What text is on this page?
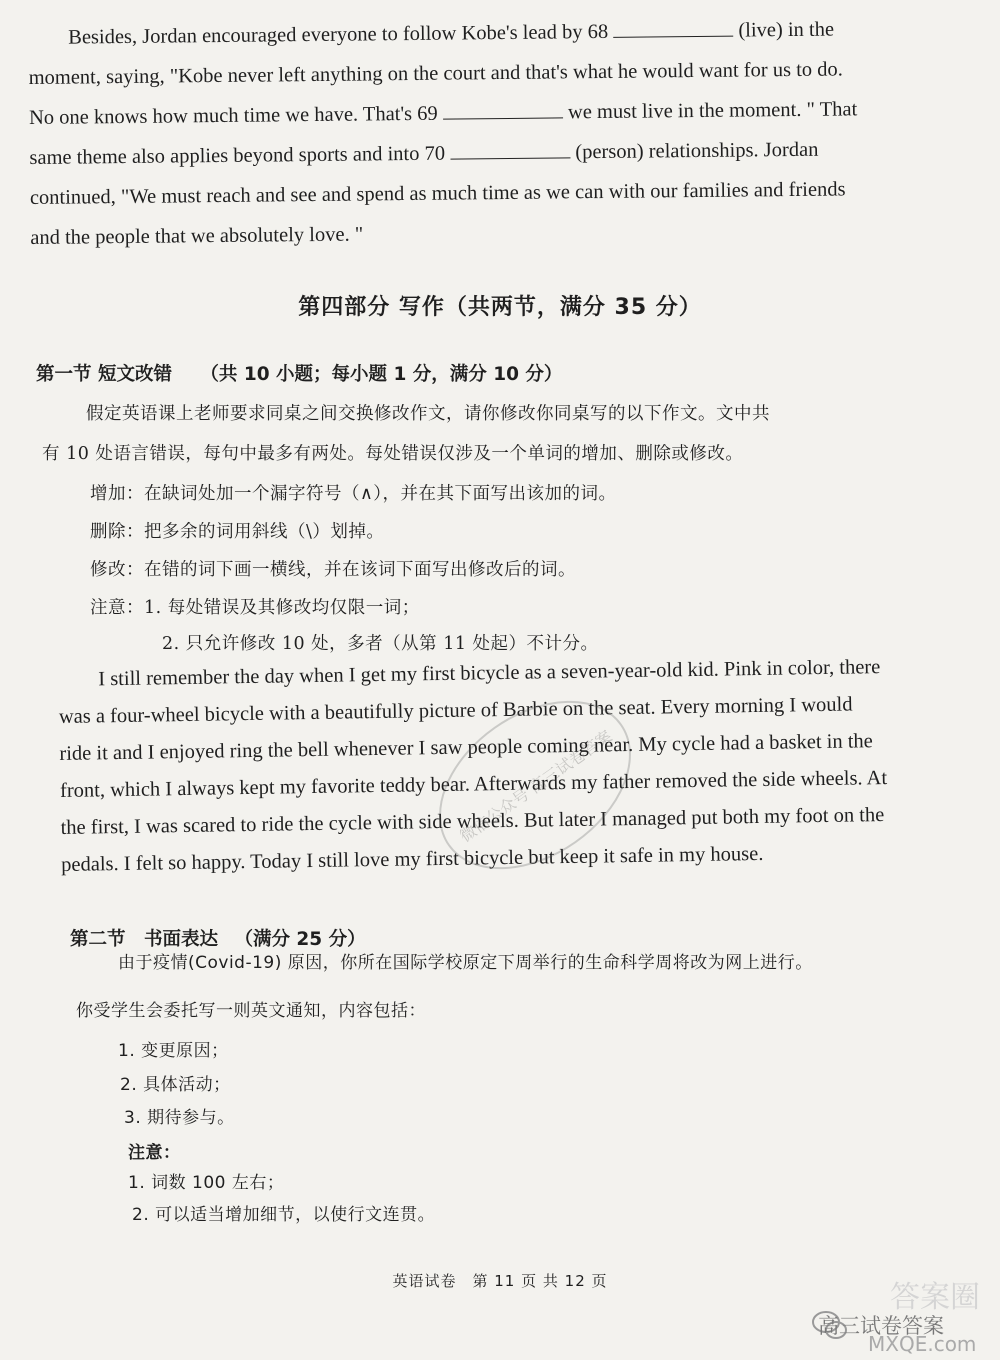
Besides, Jordan encouraged everyone to follow Kobe's lead by 68	(live) in the
moment, saying, "Kobe never left anything on the court and that's what he would want for us to do.
No one knows how much time we have. That's 69	we must live in the moment. " That
same theme also applies beyond sports and into 70	(person) relationships. Jordan
continued, "We must reach and see and spend as much time as we can with our families and friends
and the people that we absolutely love. "
第四部分 写作（共两节，满分 35 分）
第一节 短文改错 （共 10 小题；每小题 1 分，满分 10 分）
假定英语课上老师要求同桌之间交换修改作文，请你修改你同桌写的以下作文。文中共
有 10 处语言错误，每句中最多有两处。每处错误仅涉及一个单词的增加、删除或修改。
增加：在缺词处加一个漏字符号（∧），并在其下面写出该加的词。
删除：把多余的词用斜线（\）划掉。
修改：在错的词下画一横线，并在该词下面写出修改后的词。
注意：1. 每处错误及其修改均仅限一词；
2. 只允许修改 10 处，多者（从第 11 处起）不计分。
I still remember the day when I get my first bicycle as a seven-year-old kid. Pink in color, there
was a four-wheel bicycle with a beautifully picture of Barbie on the seat. Every morning I would
ride it and I enjoyed ring the bell whenever I saw people coming near. My cycle had a basket in the
front, which I always kept my favorite teddy bear. Afterwards my father removed the side wheels. At
the first, I was scared to ride the cycle with side wheels. But later I managed put both my foot on the
pedals. I felt so happy. Today I still love my first bicycle but keep it safe in my house.
微信公众号 高三试卷答案
第二节　书面表达 （满分 25 分）
由于疫情(Covid-19) 原因，你所在国际学校原定下周举行的生命科学周将改为网上进行。
你受学生会委托写一则英文通知，内容包括：
1. 变更原因；
2. 具体活动；
3. 期待参与。
注意：
1. 词数 100 左右；
2. 可以适当增加细节，以使行文连贯。
英语试卷　第 11 页 共 12 页	答案圈
高三试卷答案
MXQE.com
